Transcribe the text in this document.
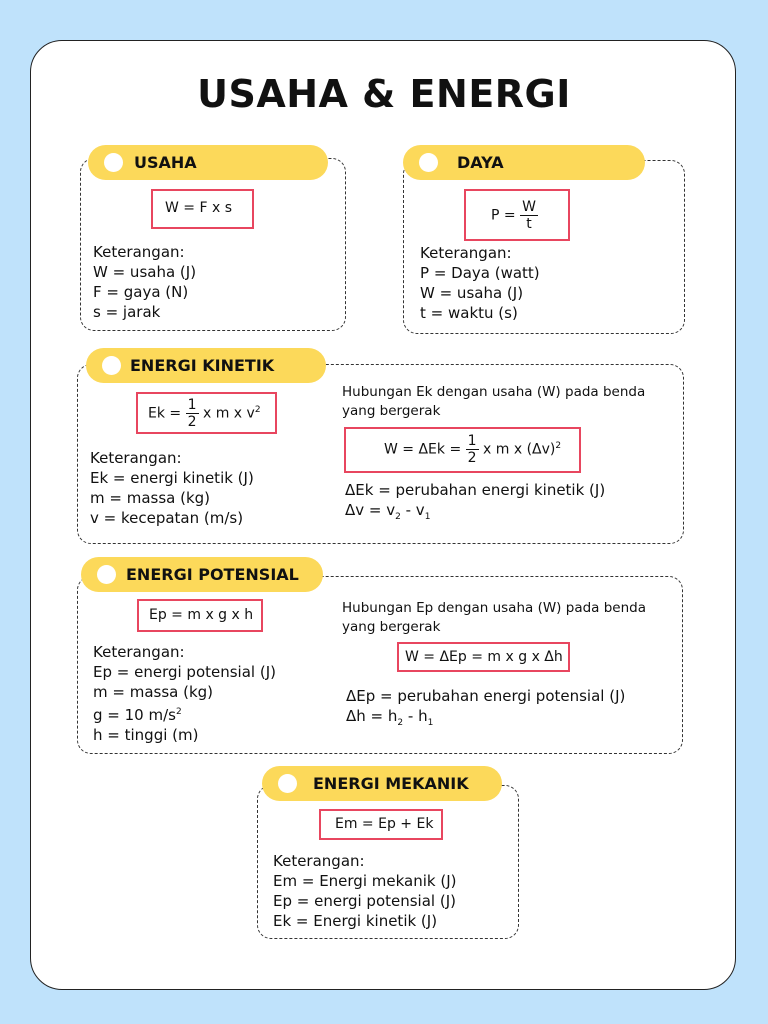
USAHA & ENERGI
USAHA
W = F x s
Keterangan:
W = usaha (J)
F = gaya (N)
s = jarak
DAYA
$P = \frac{W}{t}$
Keterangan:
P = Daya (watt)
W = usaha (J)
t = waktu (s)
ENERGI KINETIK
$Ek = \frac{1}{2}$ x m x $v^2$
Keterangan:
Ek = energi kinetik (J)
m = massa (kg)
v = kecepatan (m/s)
Hubungan Ek dengan usaha (W) pada benda
yang bergerak
$W = \Delta Ek = \frac{1}{2}$ x m x $(\Delta v)^2$
ΔEk = perubahan energi kinetik (J)
$\Delta v = v_2 - v_1$
ENERGI POTENSIAL
Ep = m x g x h
Keterangan:
Ep = energi potensial (J)
m = massa (kg)
g = 10 $m/s^2$
h = tinggi (m)
Hubungan Ep dengan usaha (W) pada benda
yang bergerak
W = ΔEp = m x g x Δh
ΔEp = perubahan energi potensial (J)
$\Delta h = h_2 - h_1$
ENERGI MEKANIK
Em = Ep + Ek
Keterangan:
Em = Energi mekanik (J)
Ep = energi potensial (J)
Ek = Energi kinetik (J)
